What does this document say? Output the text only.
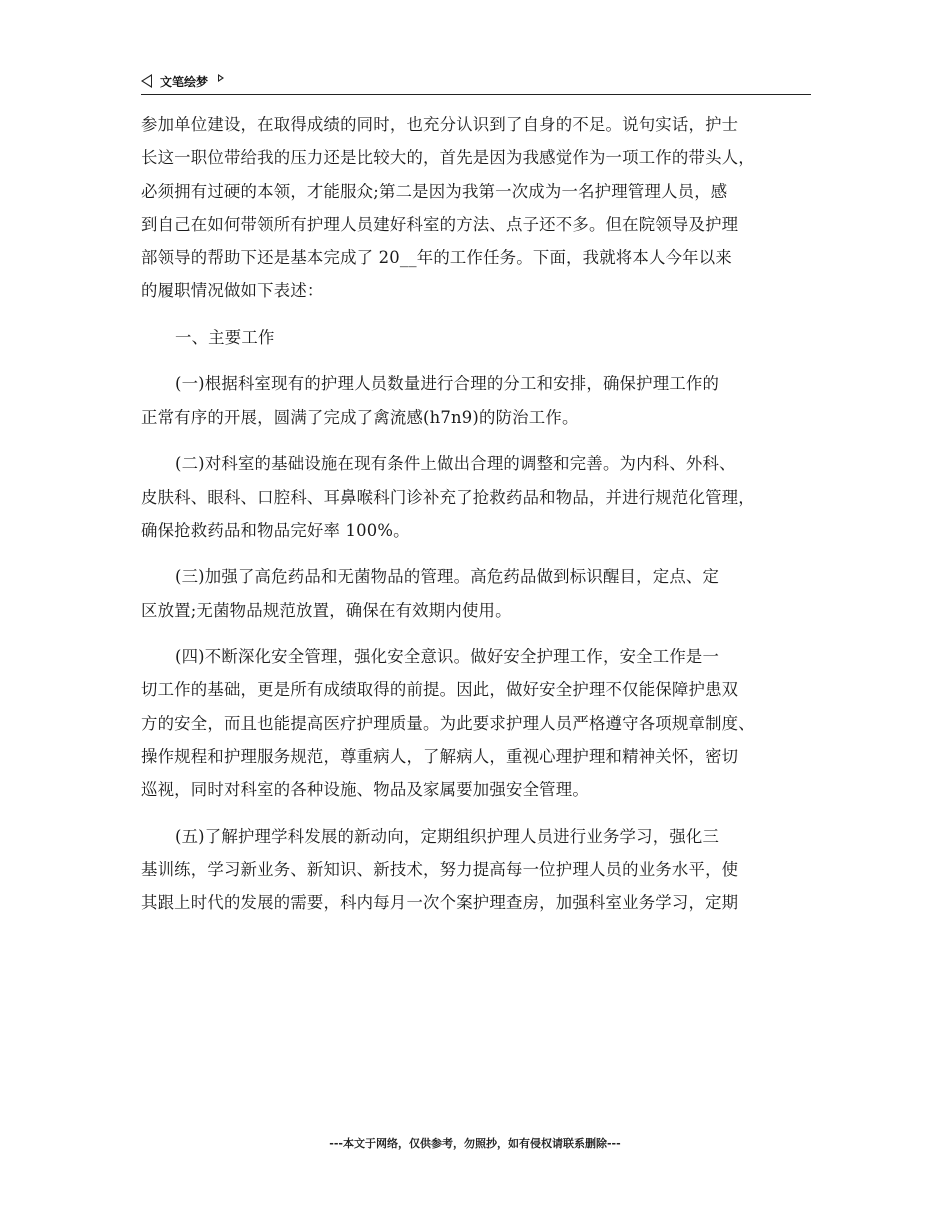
文笔绘梦
参加单位建设，在取得成绩的同时，也充分认识到了自身的不足。说句实话，护士
长这一职位带给我的压力还是比较大的，首先是因为我感觉作为一项工作的带头人，
必须拥有过硬的本领，才能服众;第二是因为我第一次成为一名护理管理人员，感
到自己在如何带领所有护理人员建好科室的方法、点子还不多。但在院领导及护理
部领导的帮助下还是基本完成了 20__年的工作任务。下面，我就将本人今年以来
的履职情况做如下表述：
一、主要工作
(一)根据科室现有的护理人员数量进行合理的分工和安排，确保护理工作的
正常有序的开展，圆满了完成了禽流感(h7n9)的防治工作。
(二)对科室的基础设施在现有条件上做出合理的调整和完善。为内科、外科、
皮肤科、眼科、口腔科、耳鼻喉科门诊补充了抢救药品和物品，并进行规范化管理，
确保抢救药品和物品完好率 100%。
(三)加强了高危药品和无菌物品的管理。高危药品做到标识醒目，定点、定
区放置;无菌物品规范放置，确保在有效期内使用。
(四)不断深化安全管理，强化安全意识。做好安全护理工作，安全工作是一
切工作的基础，更是所有成绩取得的前提。因此，做好安全护理不仅能保障护患双
方的安全，而且也能提高医疗护理质量。为此要求护理人员严格遵守各项规章制度、
操作规程和护理服务规范，尊重病人，了解病人，重视心理护理和精神关怀，密切
巡视，同时对科室的各种设施、物品及家属要加强安全管理。
(五)了解护理学科发展的新动向，定期组织护理人员进行业务学习，强化三
基训练，学习新业务、新知识、新技术，努力提高每一位护理人员的业务水平，使
其跟上时代的发展的需要，科内每月一次个案护理查房，加强科室业务学习，定期
---本文于网络，仅供参考，勿照抄，如有侵权请联系删除---
